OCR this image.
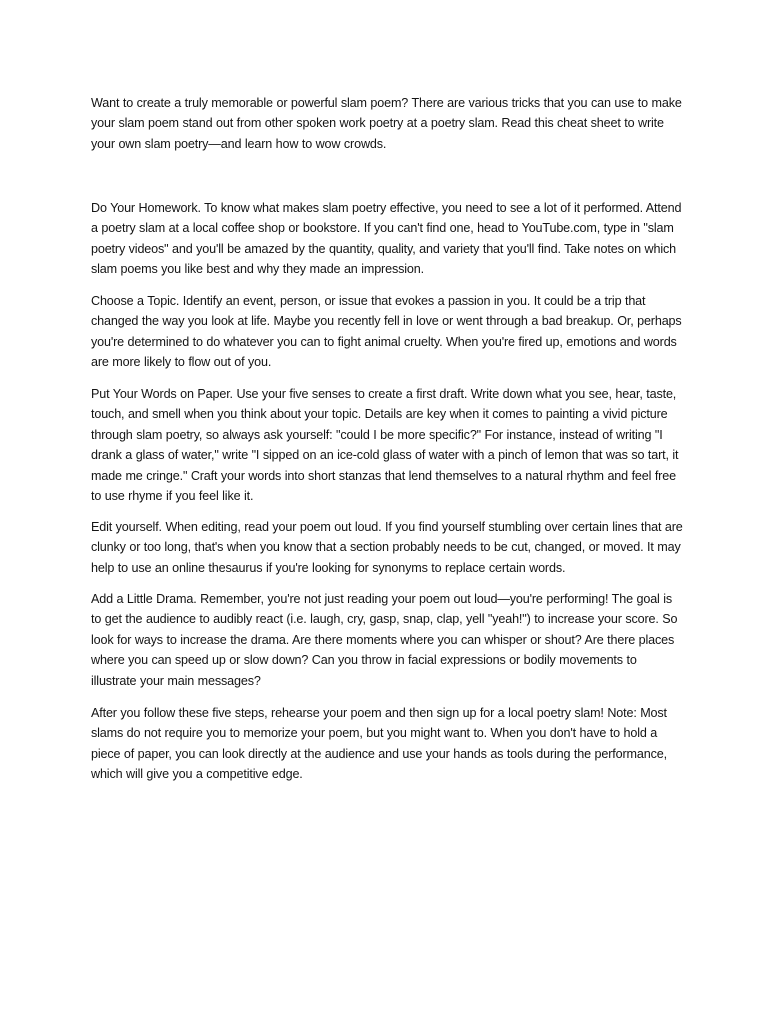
Want to create a truly memorable or powerful slam poem? There are various tricks that you can use to make your slam poem stand out from other spoken work poetry at a poetry slam. Read this cheat sheet to write your own slam poetry—and learn how to wow crowds.

Do Your Homework. To know what makes slam poetry effective, you need to see a lot of it performed. Attend a poetry slam at a local coffee shop or bookstore. If you can't find one, head to YouTube.com, type in "slam poetry videos" and you'll be amazed by the quantity, quality, and variety that you'll find. Take notes on which slam poems you like best and why they made an impression.

Choose a Topic. Identify an event, person, or issue that evokes a passion in you. It could be a trip that changed the way you look at life. Maybe you recently fell in love or went through a bad breakup. Or, perhaps you're determined to do whatever you can to fight animal cruelty. When you're fired up, emotions and words are more likely to flow out of you.

Put Your Words on Paper. Use your five senses to create a first draft. Write down what you see, hear, taste, touch, and smell when you think about your topic. Details are key when it comes to painting a vivid picture through slam poetry, so always ask yourself: "could I be more specific?" For instance, instead of writing "I drank a glass of water," write "I sipped on an ice-cold glass of water with a pinch of lemon that was so tart, it made me cringe." Craft your words into short stanzas that lend themselves to a natural rhythm and feel free to use rhyme if you feel like it.

Edit yourself. When editing, read your poem out loud. If you find yourself stumbling over certain lines that are clunky or too long, that's when you know that a section probably needs to be cut, changed, or moved. It may help to use an online thesaurus if you're looking for synonyms to replace certain words.

Add a Little Drama. Remember, you're not just reading your poem out loud—you're performing! The goal is to get the audience to audibly react (i.e. laugh, cry, gasp, snap, clap, yell "yeah!") to increase your score. So look for ways to increase the drama. Are there moments where you can whisper or shout? Are there places where you can speed up or slow down? Can you throw in facial expressions or bodily movements to illustrate your main messages?

After you follow these five steps, rehearse your poem and then sign up for a local poetry slam! Note: Most slams do not require you to memorize your poem, but you might want to. When you don't have to hold a piece of paper, you can look directly at the audience and use your hands as tools during the performance, which will give you a competitive edge.
